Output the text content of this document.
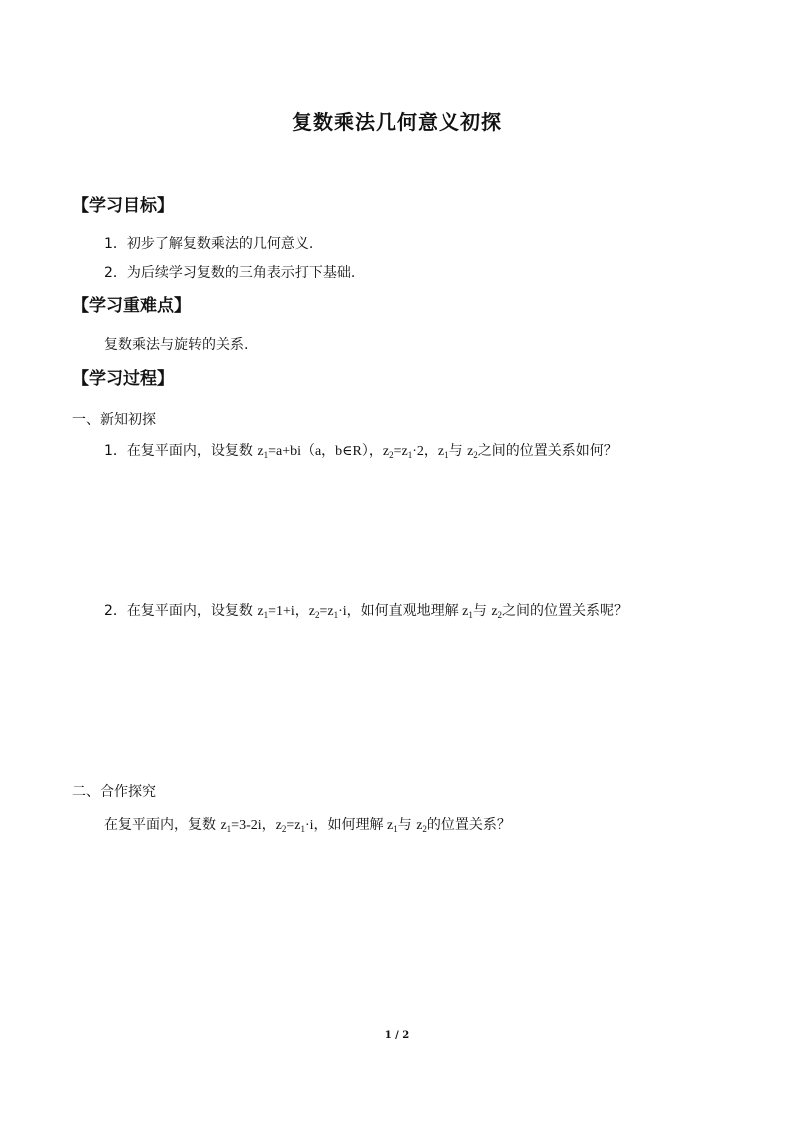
复数乘法几何意义初探
【学习目标】
1．初步了解复数乘法的几何意义.
2．为后续学习复数的三角表示打下基础.
【学习重难点】
复数乘法与旋转的关系.
【学习过程】
一、新知初探
1．在复平面内，设复数 $z_1=a+bi(a$，b∈R），$z_2=z_1\cdot 2$，$z_1$与 $z_2$之间的位置关系如何？
2．在复平面内，设复数 $z_1=1+i$，$z_2=z_1\cdot i$，如何直观地理解 $z_1$与 $z_2$之间的位置关系呢？
二、合作探究
在复平面内，复数 $z_1=3-2i$，$z_2=z_1\cdot i$，如何理解 $z_1$与 $z_2$的位置关系？
1 / 2
